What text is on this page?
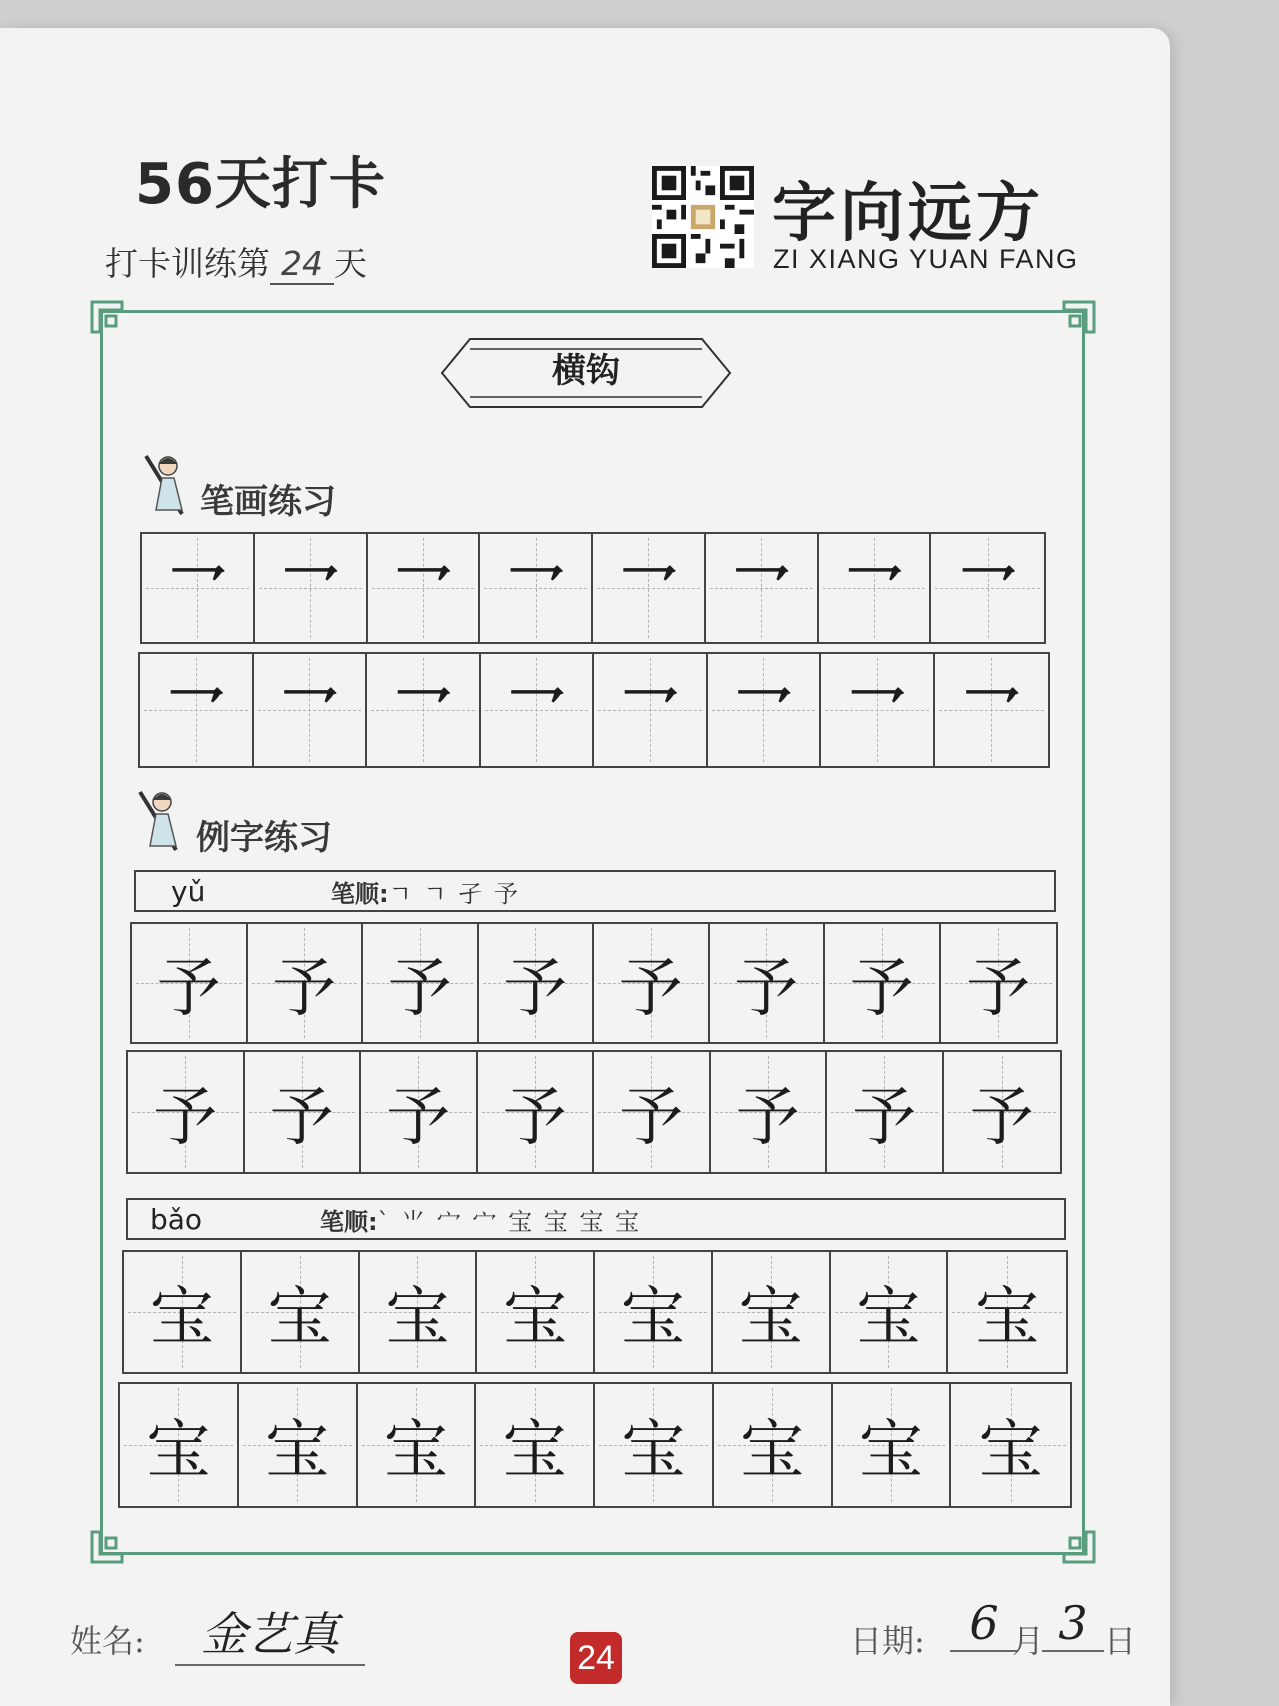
56天打卡
打卡训练第 24 天
字向远方
ZI XIANG YUAN FANG
横钩
笔画练习
乛 乛 乛 乛 乛 乛 乛 乛
乛 乛 乛 乛 乛 乛 乛 乛
例字练习
yǔ	笔顺: ㄱ ㄱ 孑 予
予 予 予 予 予 予 予 予
予 予 予 予 予 予 予 予
bǎo	笔顺: ` ⺌ 宀 宀 宝 宝 宝 宝
宝 宝 宝 宝 宝 宝 宝 宝
宝 宝 宝 宝 宝 宝 宝 宝
姓名:	金艺真	24	日期: 6 月 3 日
